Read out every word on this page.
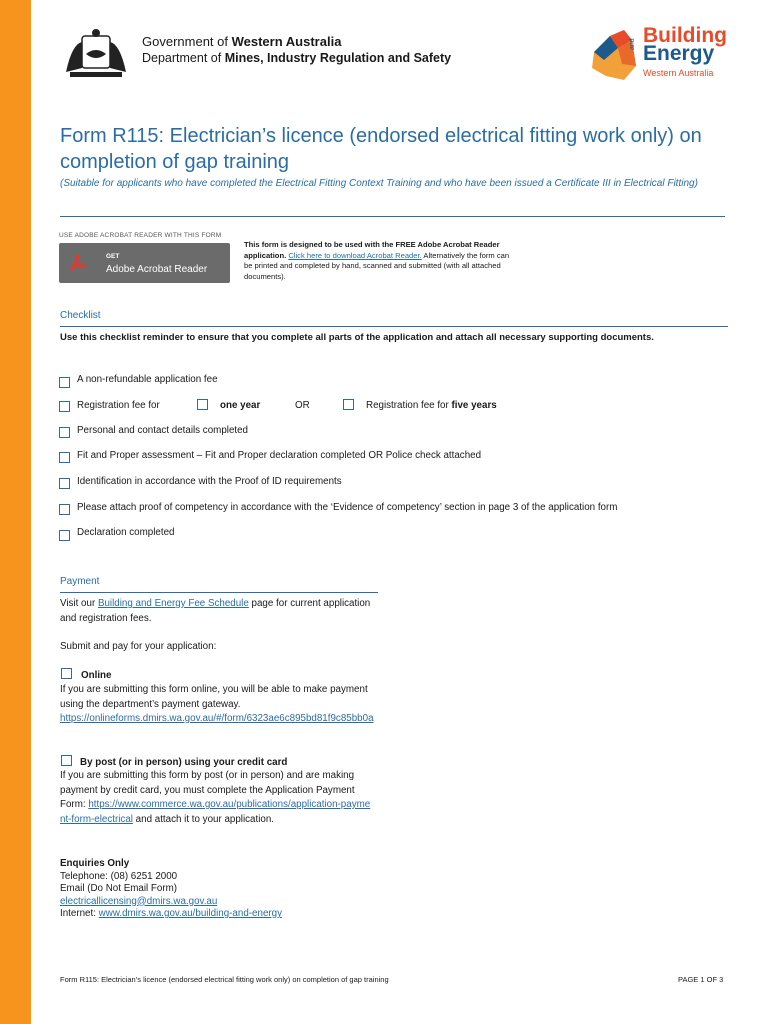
Government of Western Australia
Department of Mines, Industry Regulation and Safety
Building
Energy
Western Australia
and
Form R115: Electrician’s licence (endorsed electrical fitting work only) on completion of gap training
(Suitable for applicants who have completed the Electrical Fitting Context Training and who have been issued a Certificate III in Electrical Fitting)
USE ADOBE ACROBAT READER WITH THIS FORM
GET
Adobe Acrobat Reader
This form is designed to be used with the FREE Adobe Acrobat Reader application. Click here to download Acrobat Reader. Alternatively the form can be printed and completed by hand, scanned and submitted (with all attached documents).
Checklist
Use this checklist reminder to ensure that you complete all parts of the application and attach all necessary supporting documents.
A non-refundable application fee
Registration fee for	one year	OR	Registration fee for five years
Personal and contact details completed
Fit and Proper assessment – Fit and Proper declaration completed OR Police check attached
Identification in accordance with the Proof of ID requirements
Please attach proof of competency in accordance with the ‘Evidence of competency’ section in page 3 of the application form
Declaration completed
Payment
Visit our Building and Energy Fee Schedule page for current application and registration fees.
Submit and pay for your application:
Online
If you are submitting this form online, you will be able to make payment using the department’s payment gateway.
https://onlineforms.dmirs.wa.gov.au/#/form/6323ae6c895bd81f9c85bb0a
By post (or in person) using your credit card
If you are submitting this form by post (or in person) and are making payment by credit card, you must complete the Application Payment Form: https://www.commerce.wa.gov.au/publications/application-payment-form-electrical and attach it to your application.
Enquiries Only
Telephone: (08) 6251 2000
Email (Do Not Email Form)
electricallicensing@dmirs.wa.gov.au
Internet: www.dmirs.wa.gov.au/building-and-energy
Form R115: Electrician’s licence (endorsed electrical fitting work only) on completion of gap training	PAGE 1 OF 3
